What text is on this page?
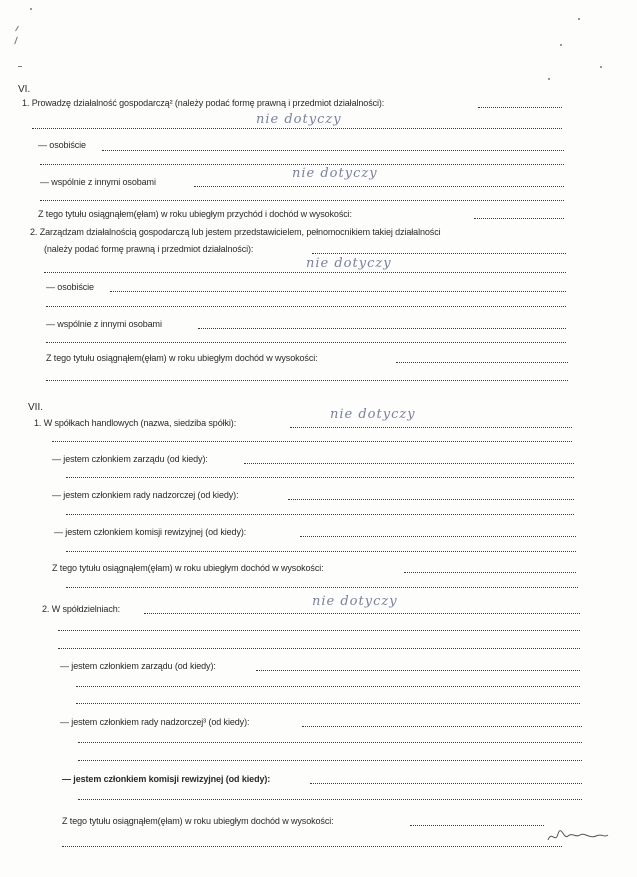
VI.
1. Prowadzę działalność gospodarczą² (należy podać formę prawną i przedmiot działalności):
nie dotyczy
— osobiście
nie dotyczy
— wspólnie z innymi osobami
Z tego tytułu osiągnąłem(ęłam) w roku ubiegłym przychód i dochód w wysokości:
2. Zarządzam działalnością gospodarczą lub jestem przedstawicielem, pełnomocnikiem takiej działalności
(należy podać formę prawną i przedmiot działalności):
nie dotyczy
— osobiście
— wspólnie z innymi osobami
Z tego tytułu osiągnąłem(ęłam) w roku ubiegłym dochód w wysokości:
VII.
1. W spółkach handlowych (nazwa, siedziba spółki):
nie dotyczy
— jestem członkiem zarządu (od kiedy):
— jestem członkiem rady nadzorczej (od kiedy):
— jestem członkiem komisji rewizyjnej (od kiedy):
Z tego tytułu osiągnąłem(ęłam) w roku ubiegłym dochód w wysokości:
2. W spółdzielniach:	nie dotyczy
— jestem członkiem zarządu (od kiedy):
— jestem członkiem rady nadzorczej³ (od kiedy):
— jestem członkiem komisji rewizyjnej (od kiedy):
Z tego tytułu osiągnąłem(ęłam) w roku ubiegłym dochód w wysokości:
